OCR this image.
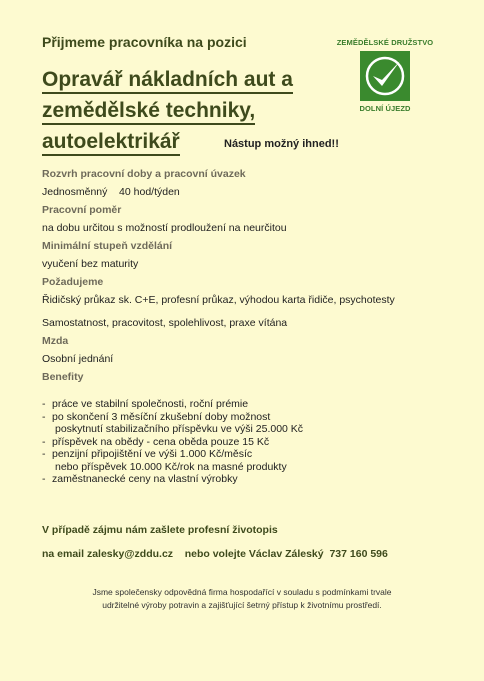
Přijmeme pracovníka na pozici
Opravář nákladních aut a
zemědělské techniky,
autoelektrikář	Nástup možný ihned!!
ZEMĚDĚLSKÉ DRUŽSTVO
DOLNÍ ÚJEZD
Rozvrh pracovní doby a pracovní úvazek
Jednosměnný    40 hod/týden
Pracovní poměr
na dobu určitou s možností prodloužení na neurčitou
Minimální stupeň vzdělání
vyučení bez maturity
Požadujeme
Řidičský průkaz sk. C+E, profesní průkaz, výhodou karta řidiče, psychotesty
Samostatnost, pracovitost, spolehlivost, praxe vítána
Mzda
Osobní jednání
Benefity
- práce ve stabilní společnosti, roční prémie
- po skončení 3 měsíční zkušební doby možnost
poskytnutí stabilizačního příspěvku ve výši 25.000 Kč
- příspěvek na obědy - cena oběda pouze 15 Kč
- penzijní připojištění ve výši 1.000 Kč/měsíc
nebo příspěvek 10.000 Kč/rok na masné produkty
- zaměstnanecké ceny na vlastní výrobky
V případě zájmu nám zašlete profesní životopis
na email zalesky@zddu.cz    nebo volejte Václav Záleský  737 160 596
Jsme společensky odpovědná firma hospodařící v souladu s podmínkami trvale
udržitelné výroby potravin a zajišťující šetrný přístup k životnímu prostředí.
